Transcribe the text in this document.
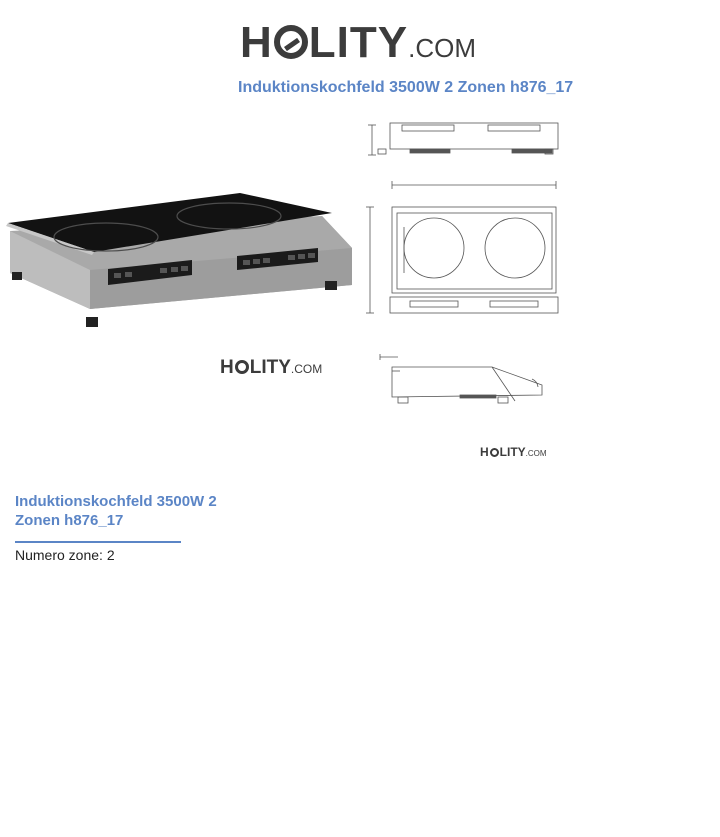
H LITY.COM
Induktionskochfeld 3500W 2 Zonen h876_17
H LITY.COM
H LITY.COM
Induktionskochfeld 3500W 2 Zonen h876_17
Numero zone: 2
